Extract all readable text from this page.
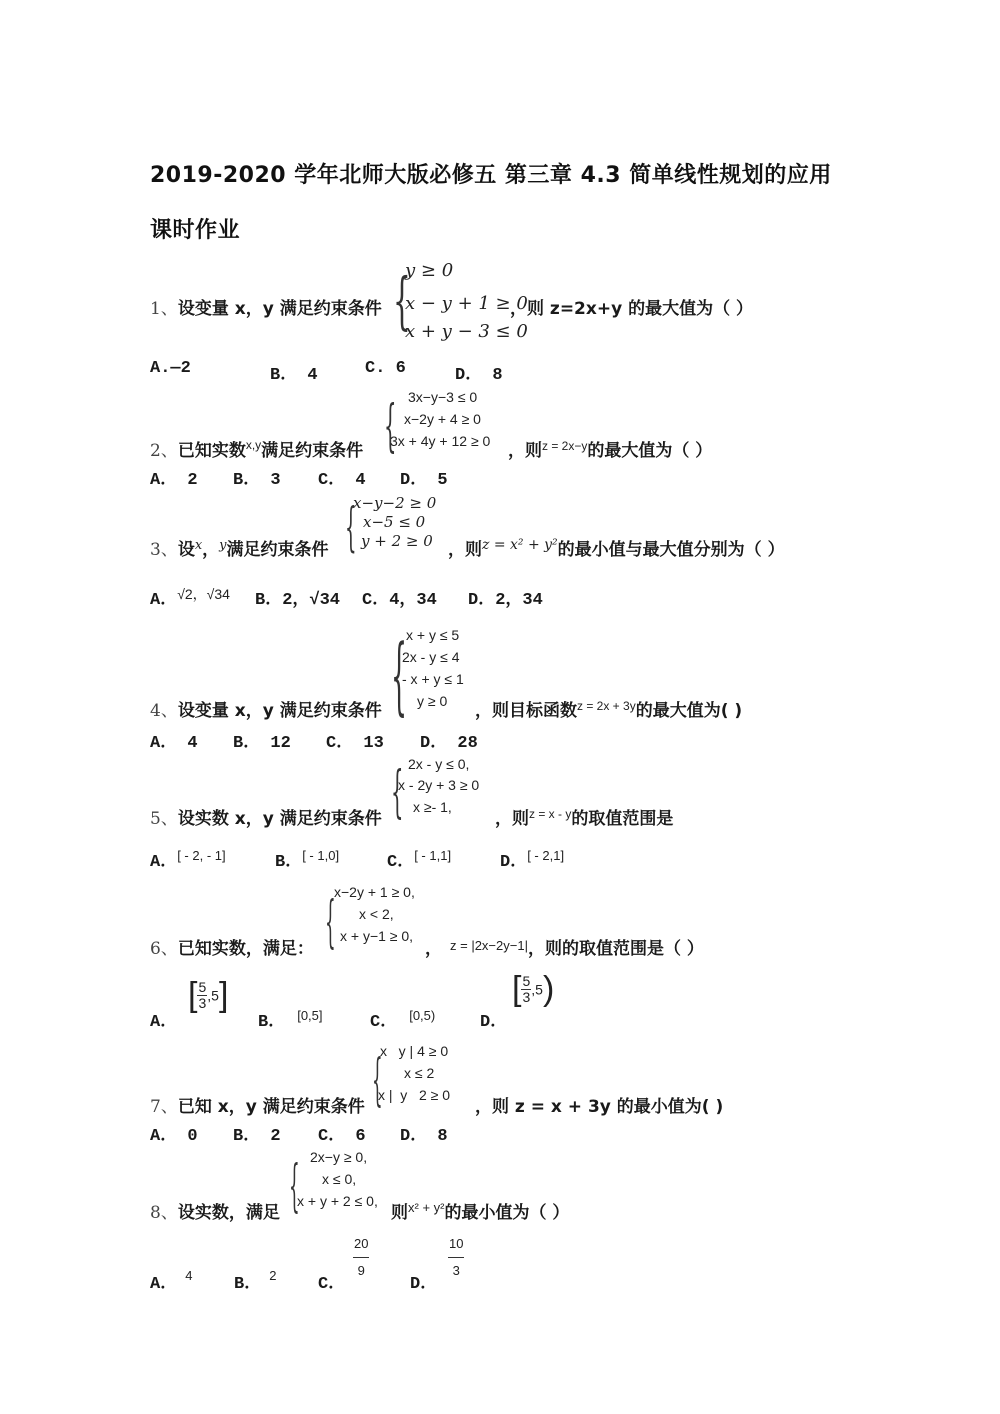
2019-2020 学年北师大版必修五 第三章 4.3 简单线性规划的应用
课时作业
1、设变量 x，y 满足约束条件 {
y ≥ 0
x − y + 1 ≥ 0
x + y − 3 ≤ 0
，则 z=2x+y 的最大值为（ ）
A.—2	B． 4	C. 6	D． 8
2、已知实数$^{x,y}$满足约束条件 { 3x−y−3 ≤ 0
x−2y + 4 ≥ 0
3x + 4y + 12 ≥ 0 ，则$^{z = 2x-y}$的最大值为（ ）
A． 2 B． 3 C． 4 D． 5
3、设$^x$，$^y$满足约束条件 {
x−y−2 ≥ 0
x−5 ≤ 0
y + 2 ≥ 0 ，则$^{z = x^2 + y^2}$的最小值与最大值分别为（ ）
A．$^{√2,√34}$ B．2，√34 C．4，34 D．2，34
4、设变量 x，y 满足约束条件 {
x + y ≤ 5
2x - y ≤ 4
- x + y ≤ 1
y ≥ 0 ，则目标函数$^{z = 2x + 3y}$的最大值为( )
A． 4 B． 12 C． 13 D． 28
5、设实数 x，y 满足约束条件 { 2x - y ≤ 0,
x - 2y + 3 ≥ 0
x ≥- 1,
，则$^{z = x - y}$的取值范围是
A．[ - 2, - 1]	B．[ - 1,0]	C．[ - 1,1]	D．[ - 2,1]
6、已知实数，满足： {
x−2y + 1 ≥ 0,
x < 2,
x + y−1 ≥ 0,
， $^{z = |2x-2y-1|}$，则的取值范围是（ ）
A．
[ $\frac{5}{3} ,5$]
B． [0,5]	C． $^{[0,5)}$	D．
[ $\frac{5}{3} ,5$)
7、已知 x，y 满足约束条件 {
x   y | 4 ≥ 0
x ≤ 2
x |  y   2 ≥ 0
，则 z = x + 3y 的最小值为( )
A． 0 B． 2 C． 6 D． 8
8、设实数，满足 { 2x−y ≥ 0,
x ≤ 0,
x + y + 2 ≤ 0,
则$^{x^2 + y^2}$的最小值为（ ）
A． $^4$ B． $^2$ C．
$\frac{20}{9}$
D．
$\frac{10}{3}$
